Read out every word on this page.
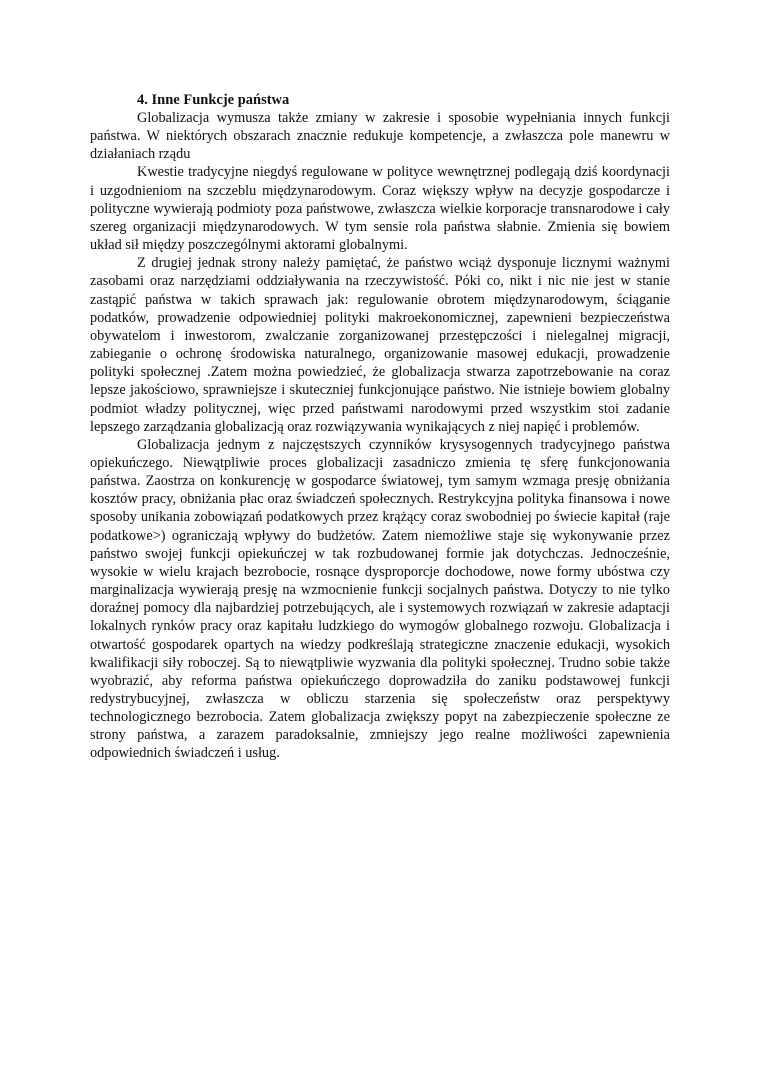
4. Inne Funkcje państwa

Globalizacja wymusza także zmiany w zakresie i sposobie wypełniania innych funkcji państwa. W niektórych obszarach znacznie redukuje kompetencje, a zwłaszcza pole manewru w działaniach rządu

Kwestie tradycyjne niegdyś regulowane w polityce wewnętrznej podlegają dziś koordynacji i uzgodnieniom na szczeblu międzynarodowym. Coraz większy wpływ na decyzje gospodarcze i polityczne wywierają podmioty poza państwowe, zwłaszcza wielkie korporacje transnarodowe i cały szereg organizacji międzynarodowych. W tym sensie rola państwa słabnie. Zmienia się bowiem układ sił między poszczególnymi aktorami globalnymi.

Z drugiej jednak strony należy pamiętać, że państwo wciąż dysponuje licznymi ważnymi zasobami oraz narzędziami oddziaływania na rzeczywistość. Póki co, nikt i nic nie jest w stanie zastąpić państwa w takich sprawach jak: regulowanie obrotem międzynarodowym, ściąganie podatków, prowadzenie odpowiedniej polityki makroekonomicznej, zapewnieni bezpieczeństwa obywatelom i inwestorom, zwalczanie zorganizowanej przestępczości i nielegalnej migracji, zabieganie o ochronę środowiska naturalnego, organizowanie masowej edukacji, prowadzenie polityki społecznej .Zatem można powiedzieć, że globalizacja stwarza zapotrzebowanie na coraz lepsze jakościowo, sprawniejsze i skuteczniej funkcjonujące państwo. Nie istnieje bowiem globalny podmiot władzy politycznej, więc przed państwami narodowymi przed wszystkim stoi zadanie lepszego zarządzania globalizacją oraz rozwiązywania wynikających z niej napięć i problemów.

Globalizacja jednym z najczęstszych czynników krysysogennych tradycyjnego państwa opiekuńczego. Niewątpliwie proces globalizacji zasadniczo zmienia tę sferę funkcjonowania państwa. Zaostrza on konkurencję w gospodarce światowej, tym samym wzmaga presję obniżania kosztów pracy, obniżania płac oraz świadczeń społecznych. Restrykcyjna polityka finansowa i nowe sposoby unikania zobowiązań podatkowych przez krążący coraz swobodniej po świecie kapitał (raje podatkowe>) ograniczają wpływy do budżetów. Zatem niemożliwe staje się wykonywanie przez państwo swojej funkcji opiekuńczej w tak rozbudowanej formie jak dotychczas. Jednocześnie, wysokie w wielu krajach bezrobocie, rosnące dysproporcje dochodowe, nowe formy ubóstwa czy marginalizacja wywierają presję na wzmocnienie funkcji socjalnych państwa. Dotyczy to nie tylko doraźnej pomocy dla najbardziej potrzebujących, ale i systemowych rozwiązań w zakresie adaptacji lokalnych rynków pracy oraz kapitału ludzkiego do wymogów globalnego rozwoju. Globalizacja i otwartość gospodarek opartych na wiedzy podkreślają strategiczne znaczenie edukacji, wysokich kwalifikacji siły roboczej. Są to niewątpliwie wyzwania dla polityki społecznej. Trudno sobie także wyobrazić, aby reforma państwa opiekuńczego doprowadziła do zaniku podstawowej funkcji redystrybucyjnej, zwłaszcza w obliczu starzenia się społeczeństw oraz perspektywy technologicznego bezrobocia. Zatem globalizacja zwiększy popyt na zabezpieczenie społeczne ze strony państwa, a zarazem paradoksalnie, zmniejszy jego realne możliwości zapewnienia odpowiednich świadczeń i usług.
